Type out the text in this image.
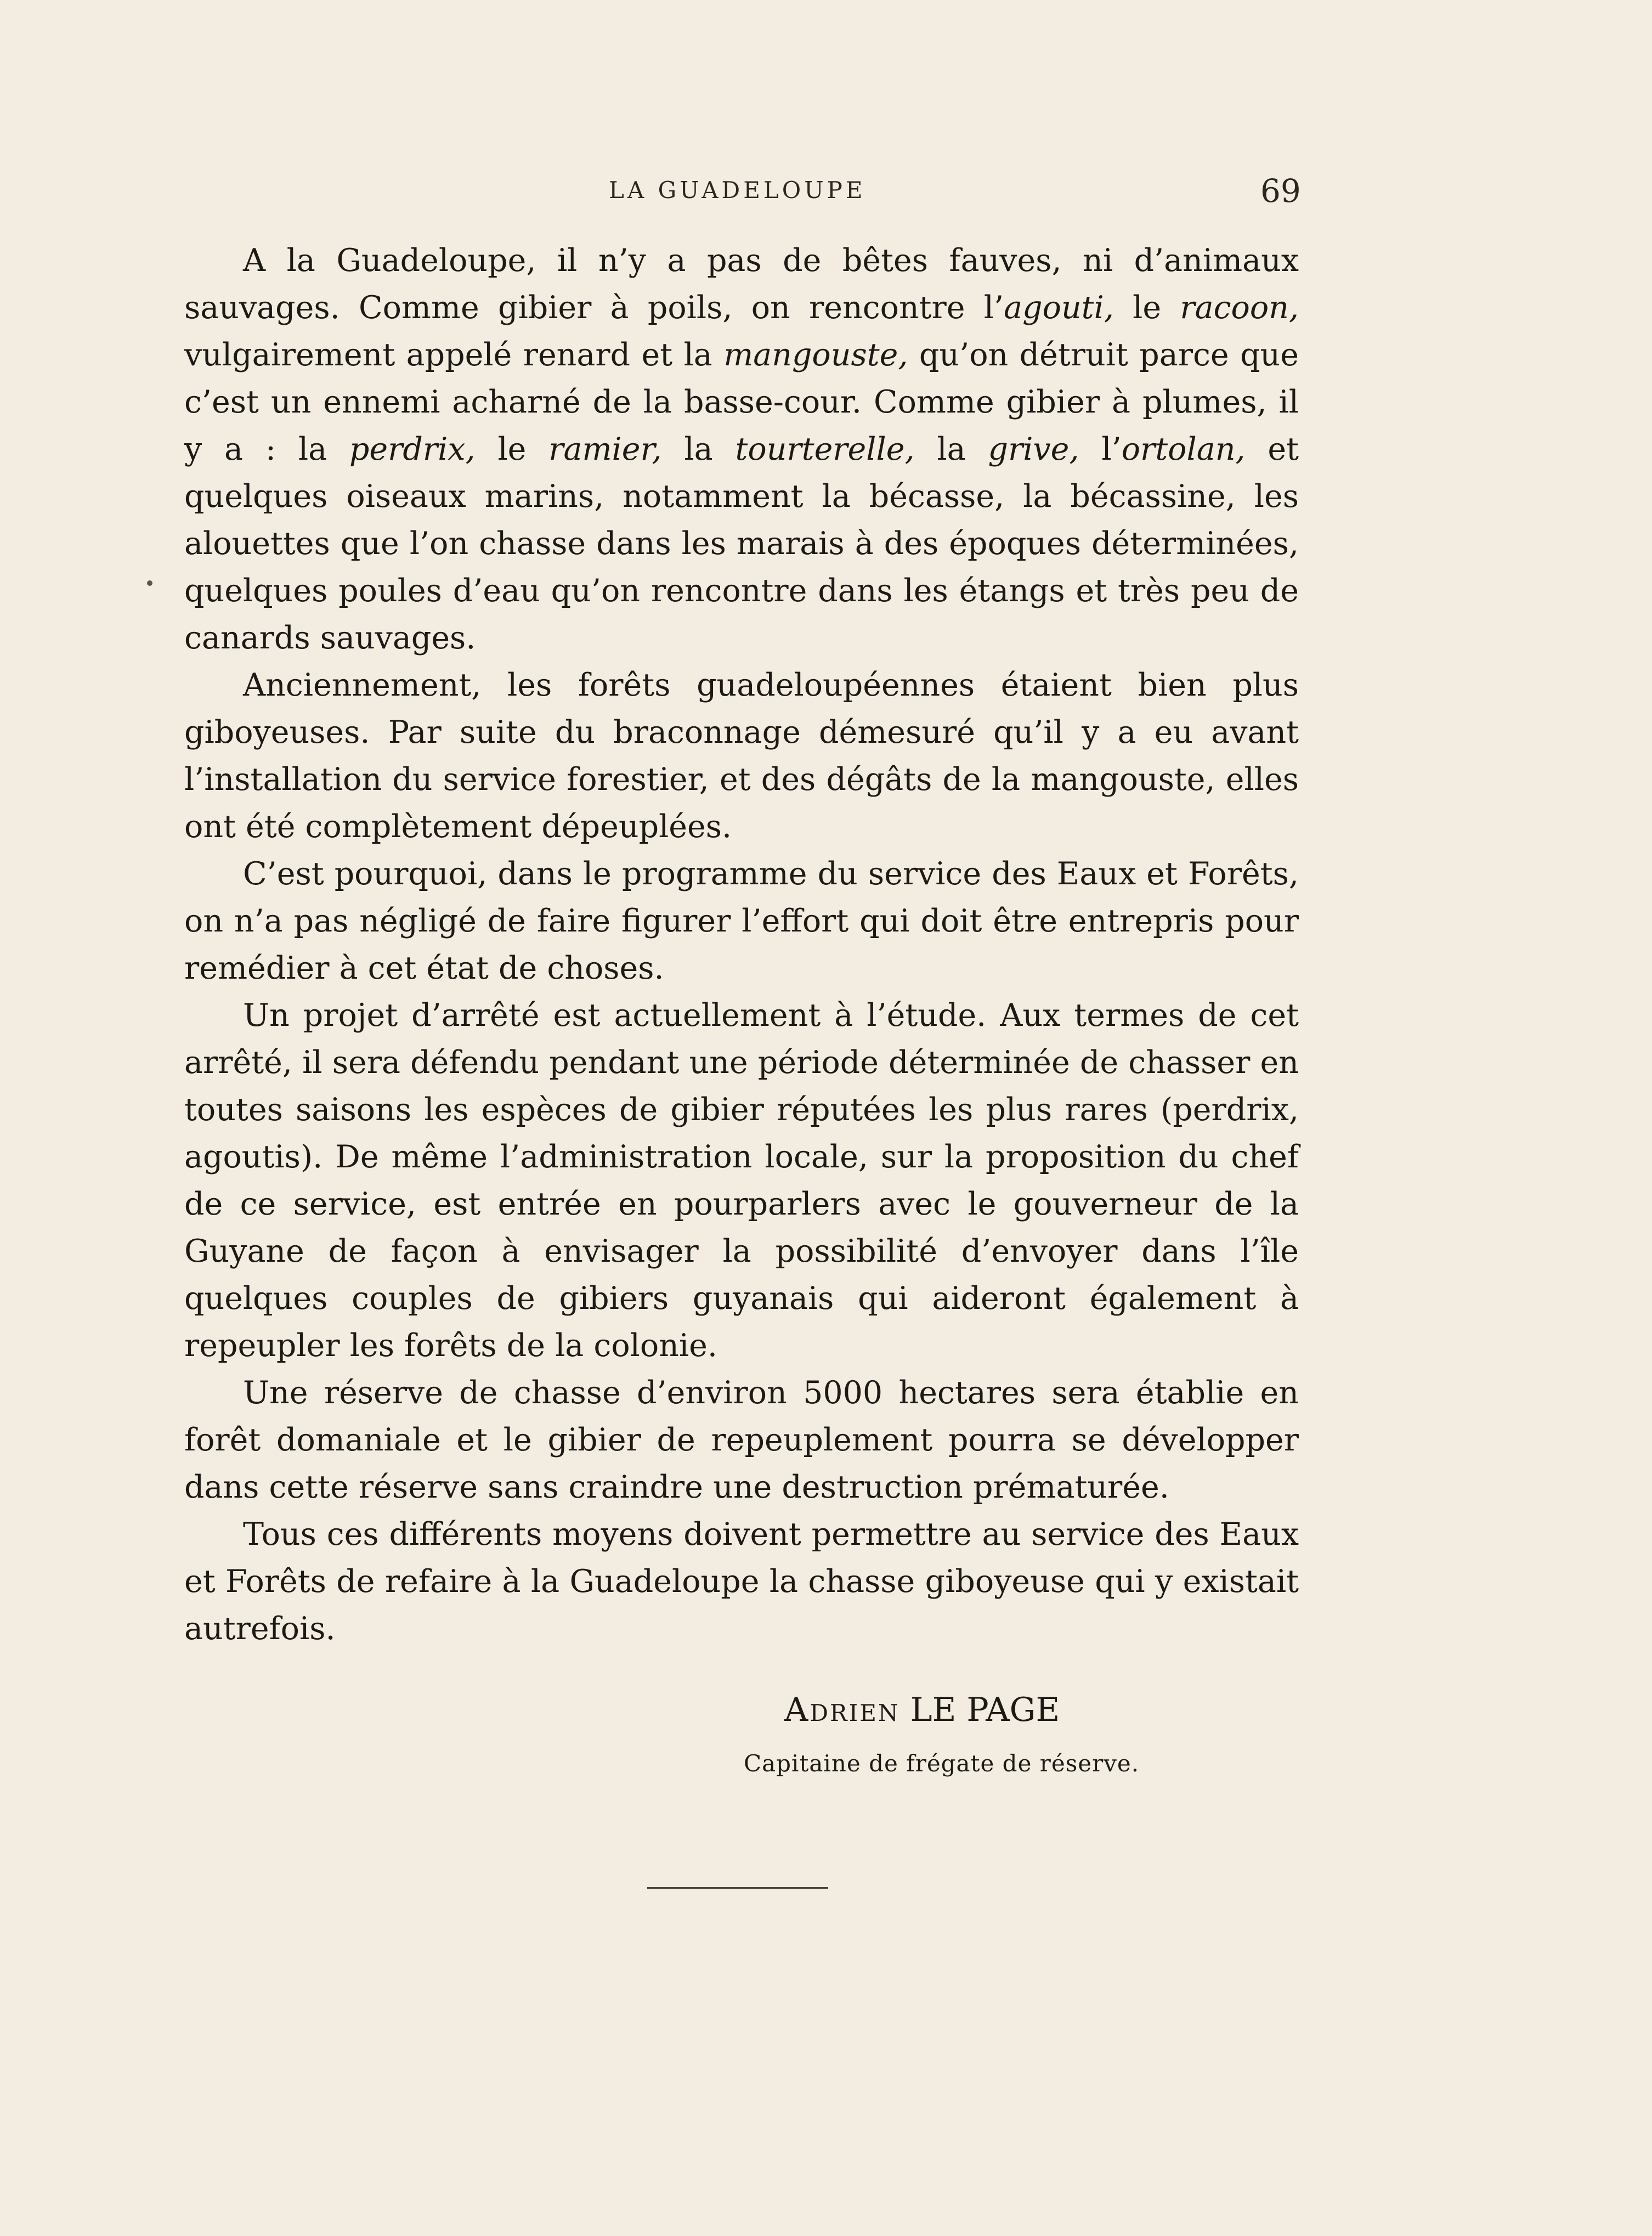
LA GUADELOUPE	69

A la Guadeloupe, il n’y a pas de bêtes fauves, ni d’animaux sauvages. Comme gibier à poils, on rencontre l’agouti, le racoon, vulgairement appelé renard et la mangouste, qu’on détruit parce que c’est un ennemi acharné de la basse-cour. Comme gibier à plumes, il y a : la perdrix, le ramier, la tourterelle, la grive, l’ortolan, et quelques oiseaux marins, notamment la bécasse, la bécassine, les alouettes que l’on chasse dans les marais à des époques déterminées, quelques poules d’eau qu’on rencontre dans les étangs et très peu de canards sauvages.

Anciennement, les forêts guadeloupéennes étaient bien plus giboyeuses. Par suite du braconnage démesuré qu’il y a eu avant l’installation du service forestier, et des dégâts de la mangouste, elles ont été complètement dépeuplées.

C’est pourquoi, dans le programme du service des Eaux et Forêts, on n’a pas négligé de faire figurer l’effort qui doit être entrepris pour remédier à cet état de choses.

Un projet d’arrêté est actuellement à l’étude. Aux termes de cet arrêté, il sera défendu pendant une période déterminée de chasser en toutes saisons les espèces de gibier réputées les plus rares (perdrix, agoutis). De même l’administration locale, sur la proposition du chef de ce service, est entrée en pourparlers avec le gouverneur de la Guyane de façon à envisager la possibilité d’envoyer dans l’île quelques couples de gibiers guyanais qui aideront également à repeupler les forêts de la colonie.

Une réserve de chasse d’environ 5000 hectares sera établie en forêt domaniale et le gibier de repeuplement pourra se développer dans cette réserve sans craindre une destruction prématurée.

Tous ces différents moyens doivent permettre au service des Eaux et Forêts de refaire à la Guadeloupe la chasse giboyeuse qui y existait autrefois.

Adrien LE PAGE
Capitaine de frégate de réserve.
